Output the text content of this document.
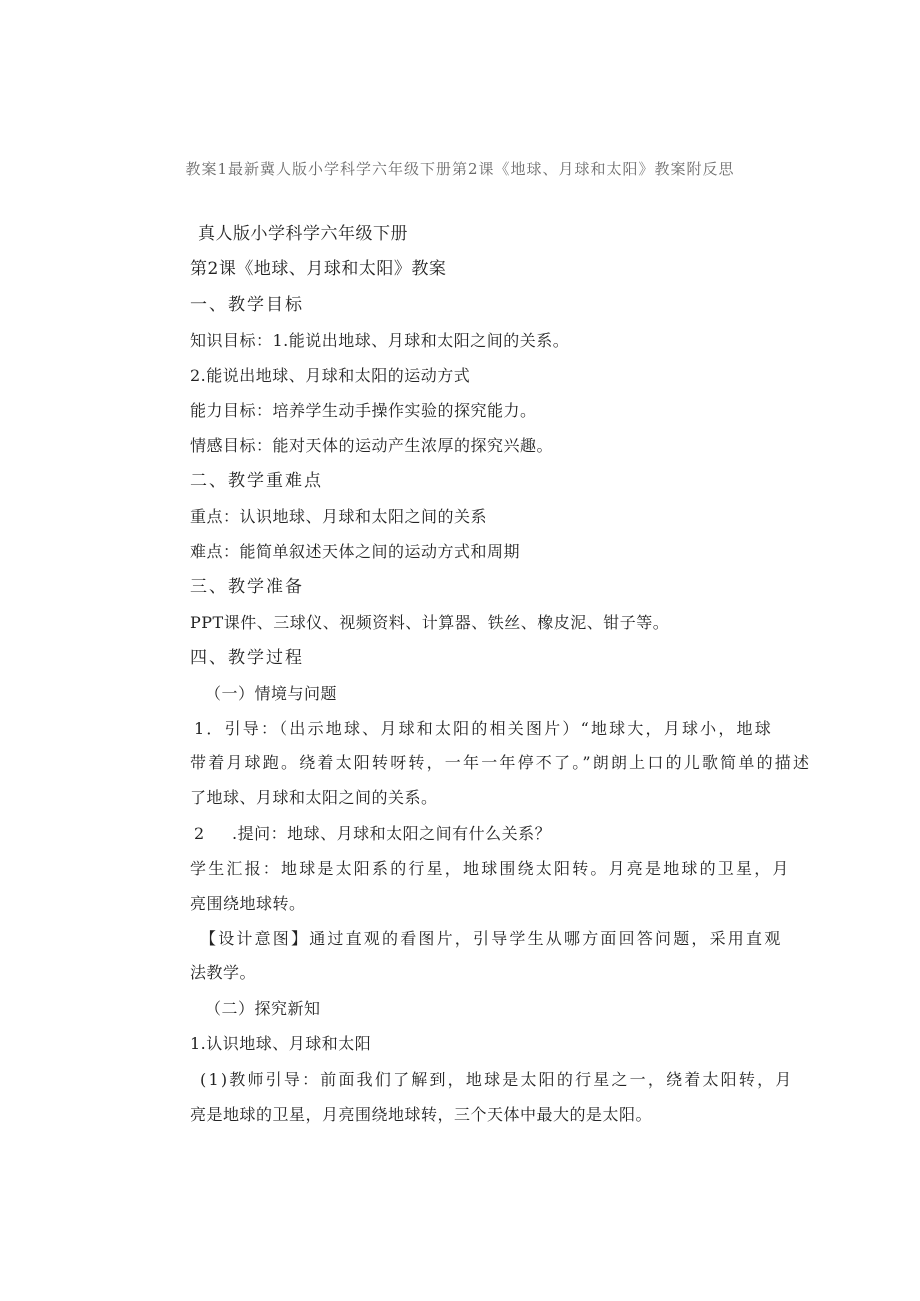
教案1最新冀人版小学科学六年级下册第2课《地球、月球和太阳》教案附反思
真人版小学科学六年级下册
第2课《地球、月球和太阳》教案
一、教学目标
知识目标：1.能说出地球、月球和太阳之间的关系。
2.能说出地球、月球和太阳的运动方式
能力目标：培养学生动手操作实验的探究能力。
情感目标：能对天体的运动产生浓厚的探究兴趣。
二、教学重难点
重点：认识地球、月球和太阳之间的关系
难点：能简单叙述天体之间的运动方式和周期
三、教学准备
PPT课件、三球仪、视频资料、计算器、铁丝、橡皮泥、钳子等。
四、教学过程
（一）情境与问题
1．引导：（出示地球、月球和太阳的相关图片）“地球大，月球小，地球
带着月球跑。绕着太阳转呀转，一年一年停不了。”朗朗上口的儿歌简单的描述
了地球、月球和太阳之间的关系。
2 .提问：地球、月球和太阳之间有什么关系？
学生汇报：地球是太阳系的行星，地球围绕太阳转。月亮是地球的卫星，月
亮围绕地球转。
【设计意图】通过直观的看图片，引导学生从哪方面回答问题，采用直观
法教学。
（二）探究新知
1.认识地球、月球和太阳
(1)教师引导：前面我们了解到，地球是太阳的行星之一，绕着太阳转，月
亮是地球的卫星，月亮围绕地球转，三个天体中最大的是太阳。
